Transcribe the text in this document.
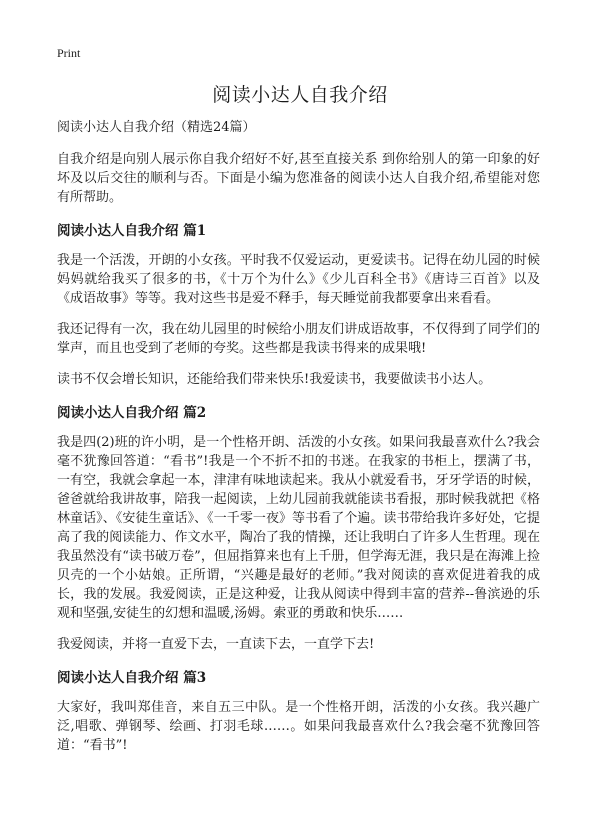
Print
阅读小达人自我介绍
阅读小达人自我介绍（精选24篇）

自我介绍是向别人展示你自我介绍好不好,甚至直接关系 到你给别人的第一印象的好坏及以后交往的顺利与否。下面是小编为您准备的阅读小达人自我介绍,希望能对您有所帮助。

阅读小达人自我介绍 篇1

我是一个活泼，开朗的小女孩。平时我不仅爱运动，更爱读书。记得在幼儿园的时候妈妈就给我买了很多的书，《十万个为什么》《少儿百科全书》《唐诗三百首》以及《成语故事》等等。我对这些书是爱不释手，每天睡觉前我都要拿出来看看。

我还记得有一次，我在幼儿园里的时候给小朋友们讲成语故事，不仅得到了同学们的掌声，而且也受到了老师的夸奖。这些都是我读书得来的成果哦!

读书不仅会增长知识，还能给我们带来快乐!我爱读书，我要做读书小达人。

阅读小达人自我介绍 篇2

我是四(2)班的许小明，是一个性格开朗、活泼的小女孩。如果问我最喜欢什么?我会毫不犹豫回答道：“看书”!我是一个不折不扣的书迷。在我家的书柜上，摆满了书，一有空，我就会拿起一本，津津有味地读起来。我从小就爱看书，牙牙学语的时候，爸爸就给我讲故事，陪我一起阅读，上幼儿园前我就能读书看报，那时候我就把《格林童话》、《安徒生童话》、《一千零一夜》等书看了个遍。读书带给我许多好处，它提高了我的阅读能力、作文水平，陶冶了我的情操，还让我明白了许多人生哲理。现在我虽然没有“读书破万卷”，但屈指算来也有上千册，但学海无涯，我只是在海滩上捡贝壳的一个小姑娘。正所谓，“兴趣是最好的老师。”我对阅读的喜欢促进着我的成长，我的发展。我爱阅读，正是这种爱，让我从阅读中得到丰富的营养--鲁滨逊的乐观和坚强,安徒生的幻想和温暖,汤姆。索亚的勇敢和快乐……

我爱阅读，并将一直爱下去，一直读下去，一直学下去!

阅读小达人自我介绍 篇3

大家好，我叫郑佳音，来自五三中队。是一个性格开朗，活泼的小女孩。我兴趣广泛,唱歌、弹钢琴、绘画、打羽毛球……。如果问我最喜欢什么?我会毫不犹豫回答道：“看书”!
